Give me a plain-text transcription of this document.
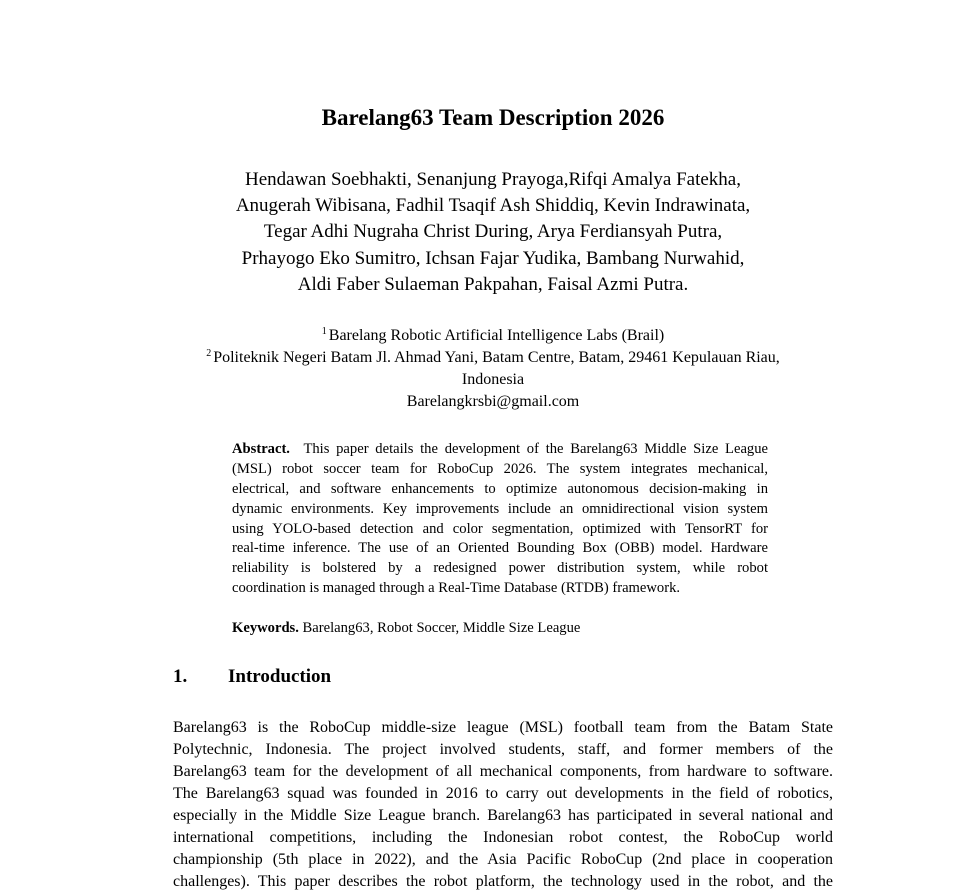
Barelang63 Team Description 2026
Hendawan Soebhakti, Senanjung Prayoga,Rifqi Amalya Fatekha,
Anugerah Wibisana, Fadhil Tsaqif Ash Shiddiq, Kevin Indrawinata,
Tegar Adhi Nugraha Christ During, Arya Ferdiansyah Putra,
Prhayogo Eko Sumitro, Ichsan Fajar Yudika, Bambang Nurwahid,
Aldi Faber Sulaeman Pakpahan, Faisal Azmi Putra.
$^1$ Barelang Robotic Artificial Intelligence Labs (Brail)
$^2$ Politeknik Negeri Batam Jl. Ahmad Yani, Batam Centre, Batam, 29461 Kepulauan Riau,
Indonesia
Barelangkrsbi@gmail.com
Abstract. This paper details the development of the Barelang63 Middle Size League
(MSL) robot soccer team for RoboCup 2026. The system integrates mechanical,
electrical, and software enhancements to optimize autonomous decision-making in
dynamic environments. Key improvements include an omnidirectional vision system
using YOLO-based detection and color segmentation, optimized with TensorRT for
real-time inference. The use of an Oriented Bounding Box (OBB) model. Hardware
reliability is bolstered by a redesigned power distribution system, while robot
coordination is managed through a Real-Time Database (RTDB) framework.
Keywords. Barelang63, Robot Soccer, Middle Size League
1. Introduction
Barelang63 is the RoboCup middle-size league (MSL) football team from the Batam State
Polytechnic, Indonesia. The project involved students, staff, and former members of the
Barelang63 team for the development of all mechanical components, from hardware to software.
The Barelang63 squad was founded in 2016 to carry out developments in the field of robotics,
especially in the Middle Size League branch. Barelang63 has participated in several national and
international competitions, including the Indonesian robot contest, the RoboCup world
championship (5th place in 2022), and the Asia Pacific RoboCup (2nd place in cooperation
challenges). This paper describes the robot platform, the technology used in the robot, and the
